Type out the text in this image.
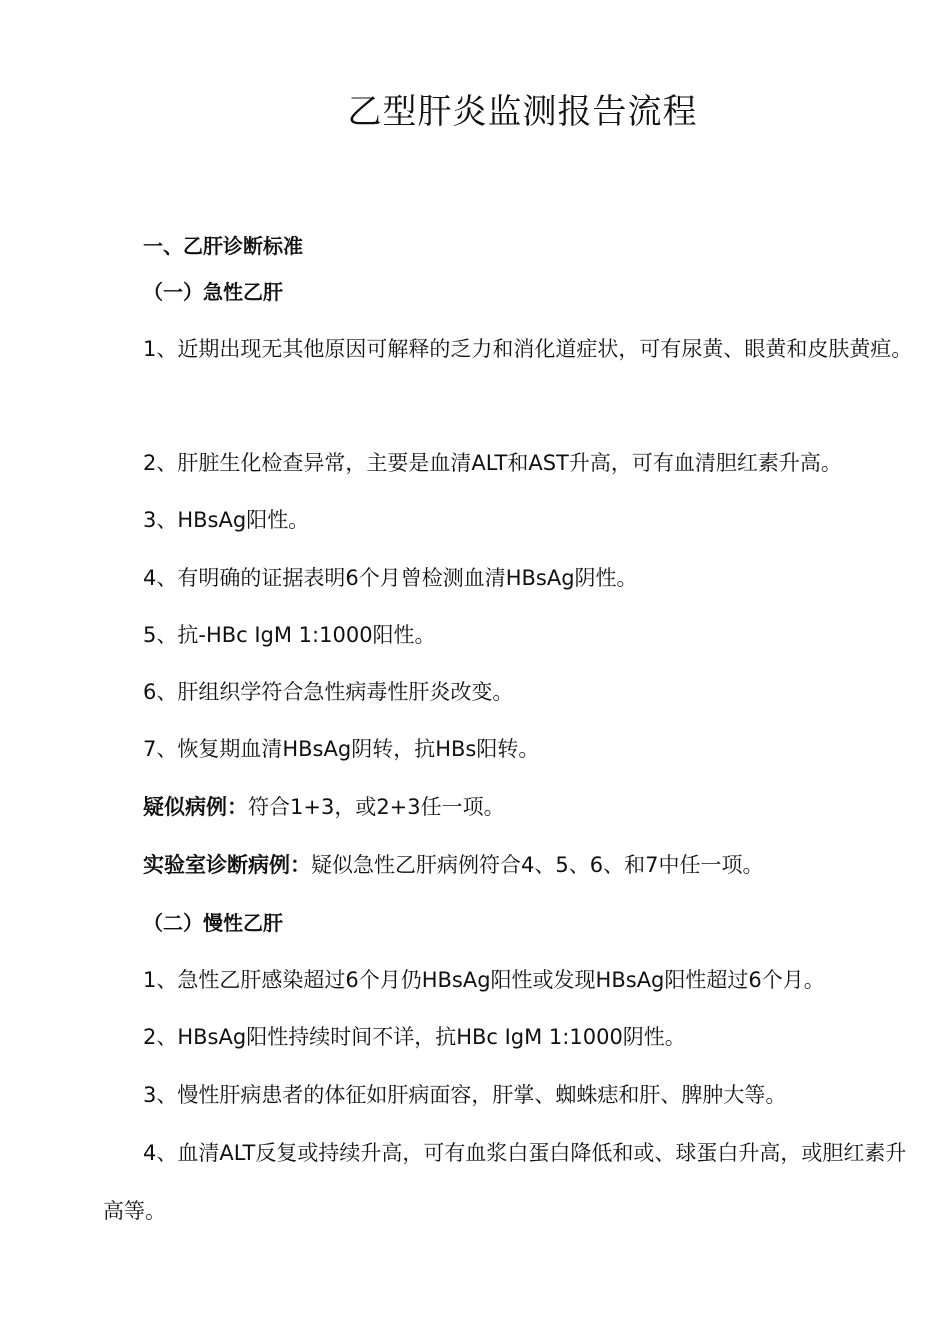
乙型肝炎监测报告流程
一、乙肝诊断标准
（一）急性乙肝
1、近期出现无其他原因可解释的乏力和消化道症状，可有尿黄、眼黄和皮肤黄疸。
2、肝脏生化检查异常，主要是血清ALT和AST升高，可有血清胆红素升高。
3、HBsAg阳性。
4、有明确的证据表明6个月曾检测血清HBsAg阴性。
5、抗-HBc IgM 1:1000阳性。
6、肝组织学符合急性病毒性肝炎改变。
7、恢复期血清HBsAg阴转，抗HBs阳转。
疑似病例：符合1+3，或2+3任一项。
实验室诊断病例：疑似急性乙肝病例符合4、5、6、和7中任一项。
（二）慢性乙肝
1、急性乙肝感染超过6个月仍HBsAg阳性或发现HBsAg阳性超过6个月。
2、HBsAg阳性持续时间不详，抗HBc IgM 1:1000阴性。
3、慢性肝病患者的体征如肝病面容，肝掌、蜘蛛痣和肝、脾肿大等。
4、血清ALT反复或持续升高，可有血浆白蛋白降低和或、球蛋白升高，或胆红素升高等。
